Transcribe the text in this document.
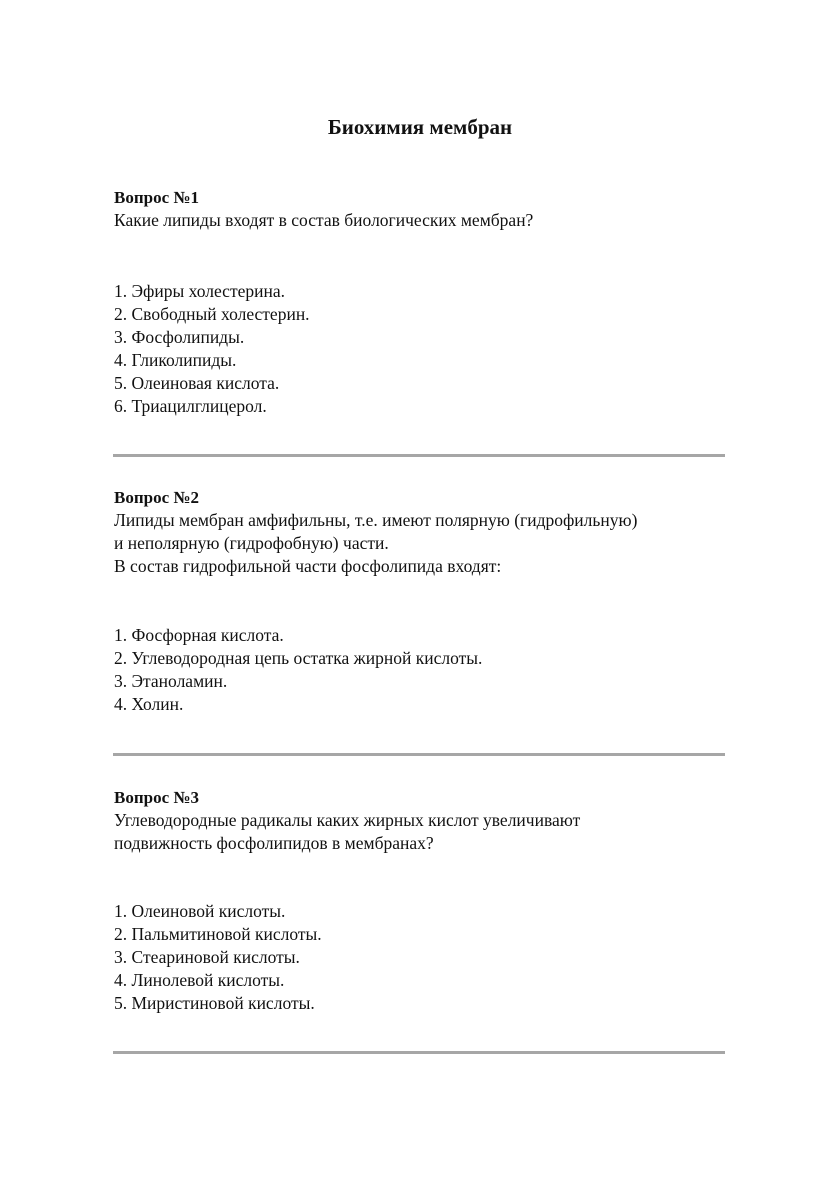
Биохимия мембран
Вопрос №1
Какие липиды входят в состав биологических мембран?
1. Эфиры холестерина.
2. Свободный холестерин.
3. Фосфолипиды.
4. Гликолипиды.
5. Олеиновая кислота.
6. Триацилглицерол.
Вопрос №2
Липиды мембран амфифильны, т.е. имеют полярную (гидрофильную)
и неполярную (гидрофобную) части.
В состав гидрофильной части фосфолипида входят:
1. Фосфорная кислота.
2. Углеводородная цепь остатка жирной кислоты.
3. Этаноламин.
4. Холин.
Вопрос №3
Углеводородные радикалы каких жирных кислот увеличивают
подвижность фосфолипидов в мембранах?
1. Олеиновой кислоты.
2. Пальмитиновой кислоты.
3. Стеариновой кислоты.
4. Линолевой кислоты.
5. Миристиновой кислоты.
